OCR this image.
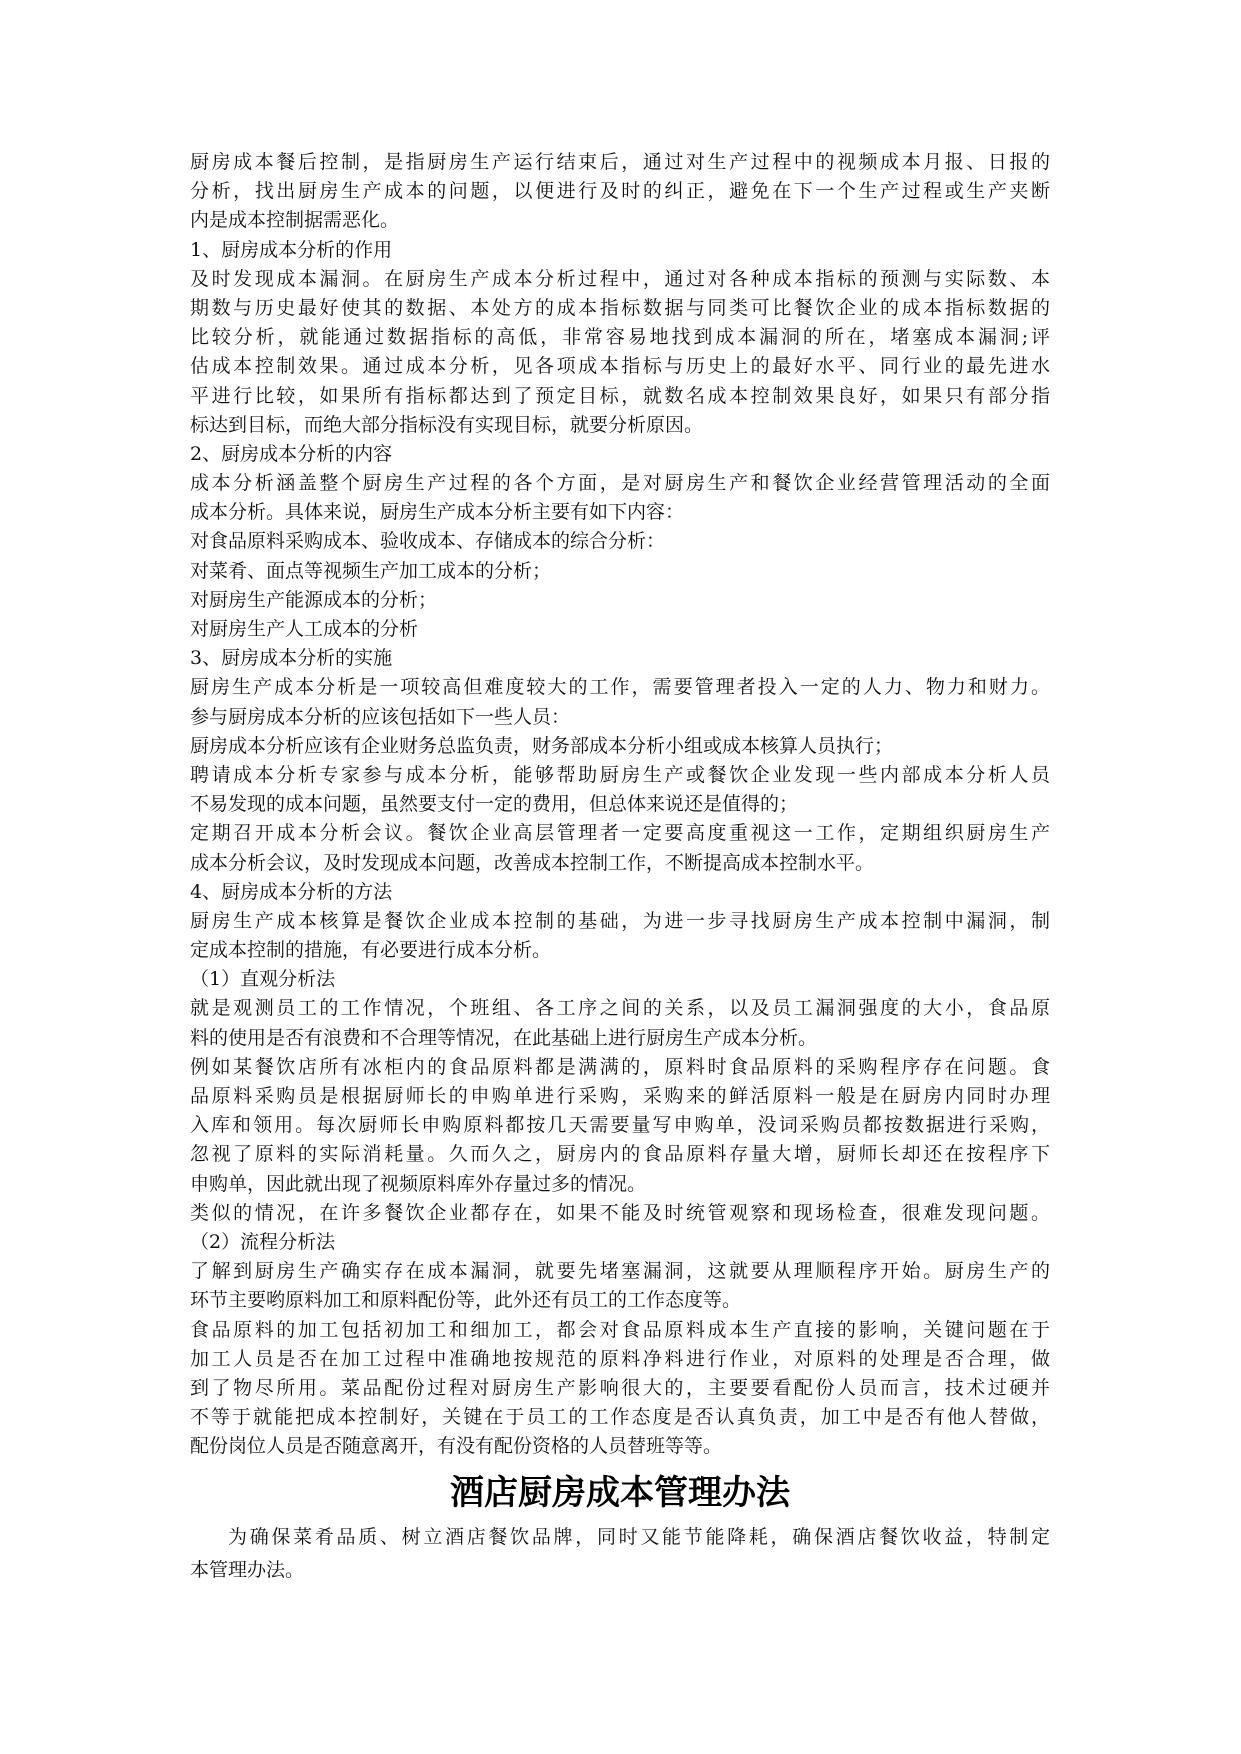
厨房成本餐后控制，是指厨房生产运行结束后，通过对生产过程中的视频成本月报、日报的
分析，找出厨房生产成本的问题，以便进行及时的纠正，避免在下一个生产过程或生产夹断
内是成本控制据需恶化。
1、厨房成本分析的作用
及时发现成本漏洞。在厨房生产成本分析过程中，通过对各种成本指标的预测与实际数、本
期数与历史最好使其的数据、本处方的成本指标数据与同类可比餐饮企业的成本指标数据的
比较分析，就能通过数据指标的高低，非常容易地找到成本漏洞的所在，堵塞成本漏洞;评
估成本控制效果。通过成本分析，见各项成本指标与历史上的最好水平、同行业的最先进水
平进行比较，如果所有指标都达到了预定目标，就数名成本控制效果良好，如果只有部分指
标达到目标，而绝大部分指标没有实现目标，就要分析原因。
2、厨房成本分析的内容
成本分析涵盖整个厨房生产过程的各个方面，是对厨房生产和餐饮企业经营管理活动的全面
成本分析。具体来说，厨房生产成本分析主要有如下内容：
对食品原料采购成本、验收成本、存储成本的综合分析：
对菜肴、面点等视频生产加工成本的分析；
对厨房生产能源成本的分析；
对厨房生产人工成本的分析
3、厨房成本分析的实施
厨房生产成本分析是一项较高但难度较大的工作，需要管理者投入一定的人力、物力和财力。
参与厨房成本分析的应该包括如下一些人员：
厨房成本分析应该有企业财务总监负责，财务部成本分析小组或成本核算人员执行；
聘请成本分析专家参与成本分析，能够帮助厨房生产或餐饮企业发现一些内部成本分析人员
不易发现的成本问题，虽然要支付一定的费用，但总体来说还是值得的；
定期召开成本分析会议。餐饮企业高层管理者一定要高度重视这一工作，定期组织厨房生产
成本分析会议，及时发现成本问题，改善成本控制工作，不断提高成本控制水平。
4、厨房成本分析的方法
厨房生产成本核算是餐饮企业成本控制的基础，为进一步寻找厨房生产成本控制中漏洞，制
定成本控制的措施，有必要进行成本分析。
（1）直观分析法
就是观测员工的工作情况，个班组、各工序之间的关系，以及员工漏洞强度的大小，食品原
料的使用是否有浪费和不合理等情况，在此基础上进行厨房生产成本分析。
例如某餐饮店所有冰柜内的食品原料都是满满的，原料时食品原料的采购程序存在问题。食
品原料采购员是根据厨师长的申购单进行采购，采购来的鲜活原料一般是在厨房内同时办理
入库和领用。每次厨师长申购原料都按几天需要量写申购单，没词采购员都按数据进行采购，
忽视了原料的实际消耗量。久而久之，厨房内的食品原料存量大增，厨师长却还在按程序下
申购单，因此就出现了视频原料库外存量过多的情况。
类似的情况，在许多餐饮企业都存在，如果不能及时统管观察和现场检查，很难发现问题。
（2）流程分析法
了解到厨房生产确实存在成本漏洞，就要先堵塞漏洞，这就要从理顺程序开始。厨房生产的
环节主要哟原料加工和原料配份等，此外还有员工的工作态度等。
食品原料的加工包括初加工和细加工，都会对食品原料成本生产直接的影响，关键问题在于
加工人员是否在加工过程中准确地按规范的原料净料进行作业，对原料的处理是否合理，做
到了物尽所用。菜品配份过程对厨房生产影响很大的，主要要看配份人员而言，技术过硬并
不等于就能把成本控制好，关键在于员工的工作态度是否认真负责，加工中是否有他人替做，
配份岗位人员是否随意离开，有没有配份资格的人员替班等等。
酒店厨房成本管理办法
为确保菜肴品质、树立酒店餐饮品牌，同时又能节能降耗，确保酒店餐饮收益，特制定
本管理办法。
